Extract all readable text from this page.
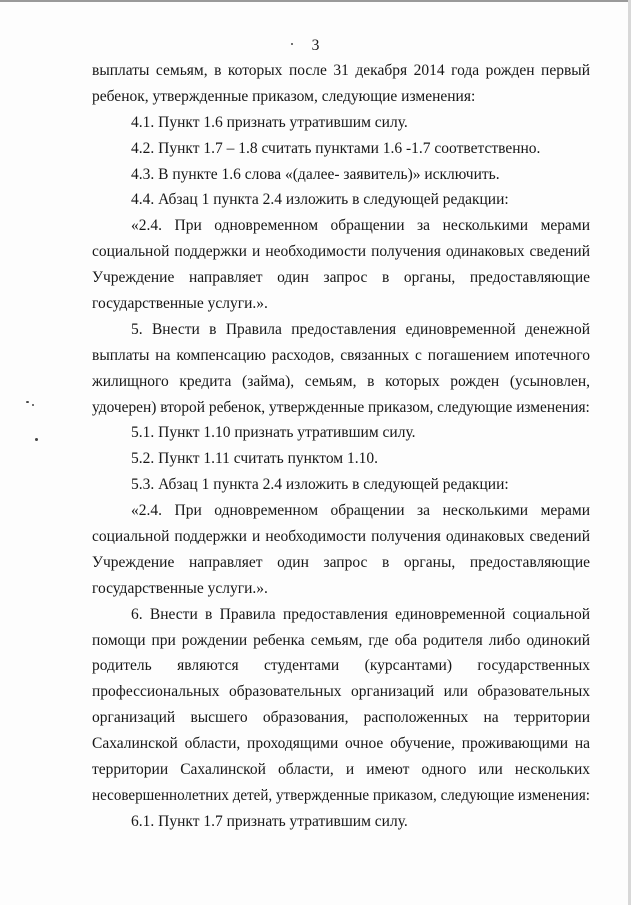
3
выплаты семьям, в которых после 31 декабря 2014 года рожден первый
ребенок, утвержденные приказом, следующие изменения:
4.1. Пункт 1.6 признать утратившим силу.
4.2. Пункт 1.7 – 1.8 считать пунктами 1.6 -1.7 соответственно.
4.3. В пункте 1.6 слова «(далее- заявитель)» исключить.
4.4. Абзац 1 пункта 2.4 изложить в следующей редакции:
«2.4. При одновременном обращении за несколькими мерами
социальной поддержки и необходимости получения одинаковых сведений
Учреждение направляет один запрос в органы, предоставляющие
государственные услуги.».
5. Внести в Правила предоставления единовременной денежной
выплаты на компенсацию расходов, связанных с погашением ипотечного
жилищного кредита (займа), семьям, в которых рожден (усыновлен,
удочерен) второй ребенок, утвержденные приказом, следующие изменения:
5.1. Пункт 1.10 признать утратившим силу.
5.2. Пункт 1.11 считать пунктом 1.10.
5.3. Абзац 1 пункта 2.4 изложить в следующей редакции:
«2.4. При одновременном обращении за несколькими мерами
социальной поддержки и необходимости получения одинаковых сведений
Учреждение направляет один запрос в органы, предоставляющие
государственные услуги.».
6. Внести в Правила предоставления единовременной социальной
помощи при рождении ребенка семьям, где оба родителя либо одинокий
родитель являются студентами (курсантами) государственных
профессиональных образовательных организаций или образовательных
организаций высшего образования, расположенных на территории
Сахалинской области, проходящими очное обучение, проживающими на
территории Сахалинской области, и имеют одного или нескольких
несовершеннолетних детей, утвержденные приказом, следующие изменения:
6.1. Пункт 1.7 признать утратившим силу.
